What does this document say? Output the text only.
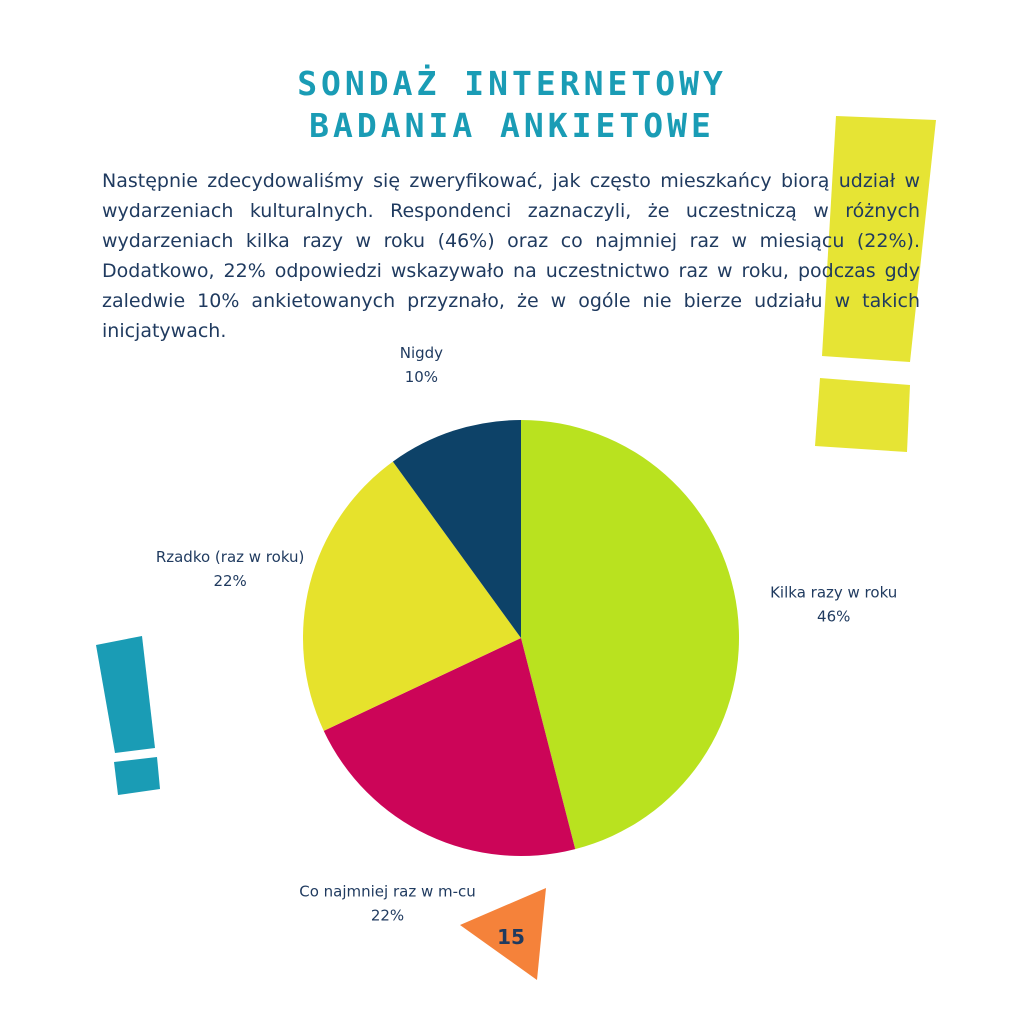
15
Kilka razy w roku
46%
Co najmniej raz w m-cu
22%
Rzadko (raz w roku)
22%
Nigdy
10%
SONDAŻ INTERNETOWY
BADANIA ANKIETOWE

Następnie zdecydowaliśmy się zweryfikować, jak często mieszkańcy biorą udział w wydarzeniach kulturalnych. Respondenci zaznaczyli, że uczestniczą w różnych wydarzeniach kilka razy w roku (46%) oraz co najmniej raz w miesiącu (22%). Dodatkowo, 22% odpowiedzi wskazywało na uczestnictwo raz w roku, podczas gdy zaledwie 10% ankietowanych przyznało, że w ogóle nie bierze udziału w takich inicjatywach.
